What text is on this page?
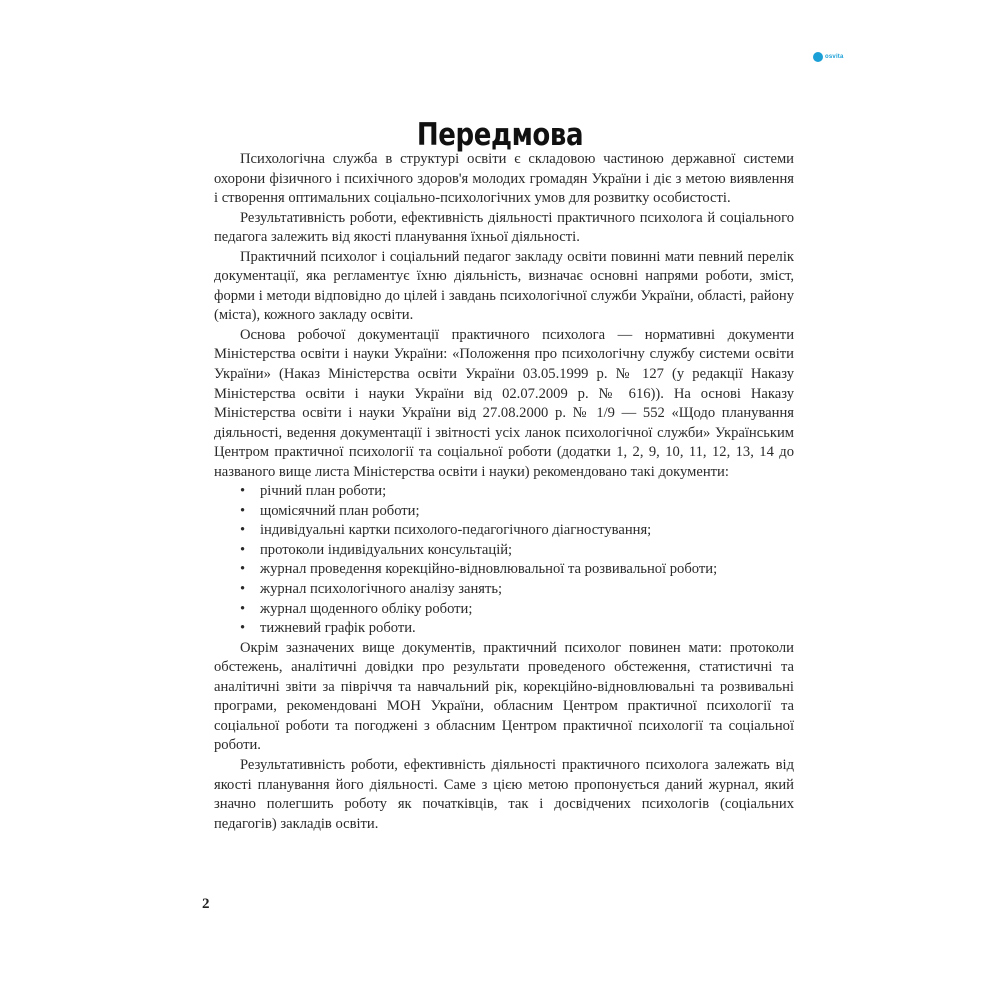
osvita
Передмова

Психологічна служба в структурі освіти є складовою частиною державної системи охорони фізичного і психічного здоров'я молодих громадян України і діє з метою виявлення і створення оптимальних соціально-психологічних умов для розвитку особистості.

Результативність роботи, ефективність діяльності практичного психолога й соціального педагога залежить від якості планування їхньої діяльності.

Практичний психолог і соціальний педагог закладу освіти повинні мати певний перелік документації, яка регламентує їхню діяльність, визначає основні напрями роботи, зміст, форми і методи відповідно до цілей і завдань психологічної служби України, області, району (міста), кожного закладу освіти.

Основа робочої документації практичного психолога — нормативні документи Міністерства освіти і науки України: «Положення про психологічну службу системи освіти України» (Наказ Міністерства освіти України 03.05.1999 р. № 127 (у редакції Наказу Міністерства освіти і науки України від 02.07.2009 р. № 616)). На основі Наказу Міністерства освіти і науки України від 27.08.2000 р. № 1/9 — 552 «Щодо планування діяльності, ведення документації і звітності усіх ланок психологічної служби» Українським Центром практичної психології та соціальної роботи (додатки 1, 2, 9, 10, 11, 12, 13, 14 до названого вище листа Міністерства освіти і науки) рекомендовано такі документи:

• річний план роботи;
• щомісячний план роботи;
• індивідуальні картки психолого-педагогічного діагностування;
• протоколи індивідуальних консультацій;
• журнал проведення корекційно-відновлювальної та розвивальної роботи;
• журнал психологічного аналізу занять;
• журнал щоденного обліку роботи;
• тижневий графік роботи.

Окрім зазначених вище документів, практичний психолог повинен мати: протоколи обстежень, аналітичні довідки про результати проведеного обстеження, статистичні та аналітичні звіти за півріччя та навчальний рік, корекційно-відновлювальні та розвивальні програми, рекомендовані МОН України, обласним Центром практичної психології та соціальної роботи та погоджені з обласним Центром практичної психології та соціальної роботи.

Результативність роботи, ефективність діяльності практичного психолога залежать від якості планування його діяльності. Саме з цією метою пропонується даний журнал, який значно полегшить роботу як початківців, так і досвідчених психологів (соціальних педагогів) закладів освіти.

2
